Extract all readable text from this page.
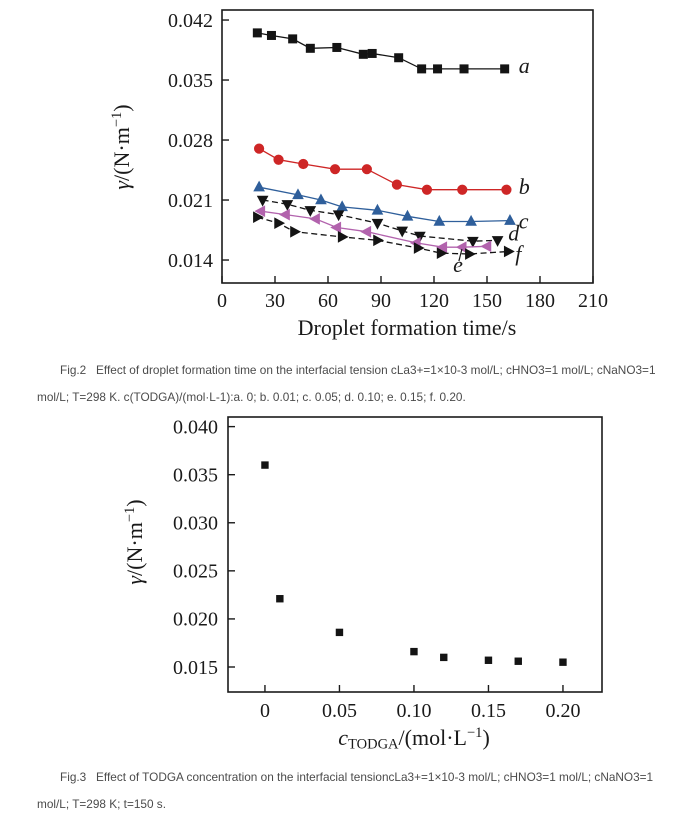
0 30 60 90 120 150 180 210
0.014
0.021
0.028
0.035
0.042
Droplet formation time/s
$\gamma/(N\cdot m^{-1})$
a
b
c
d
f
e
Fig.2   Effect of droplet formation time on the interfacial tension cLa3+=1×10-3 mol/L; cHNO3=1 mol/L; cNaNO3=1
mol/L; T=298 K. c(TODGA)/(mol·L-1):a. 0; b. 0.01; c. 0.05; d. 0.10; e. 0.15; f. 0.20.
0	0.05 0.10 0.15 0.20
0.015
0.020
0.025
0.030
0.035
0.040
cTODGA/$(mol\cdot L^{-1})$
$\gamma/(N\cdot m^{-1})$
Fig.3   Effect of TODGA concentration on the interfacial tensioncLa3+=1×10-3 mol/L; cHNO3=1 mol/L; cNaNO3=1
mol/L; T=298 K; t=150 s.
